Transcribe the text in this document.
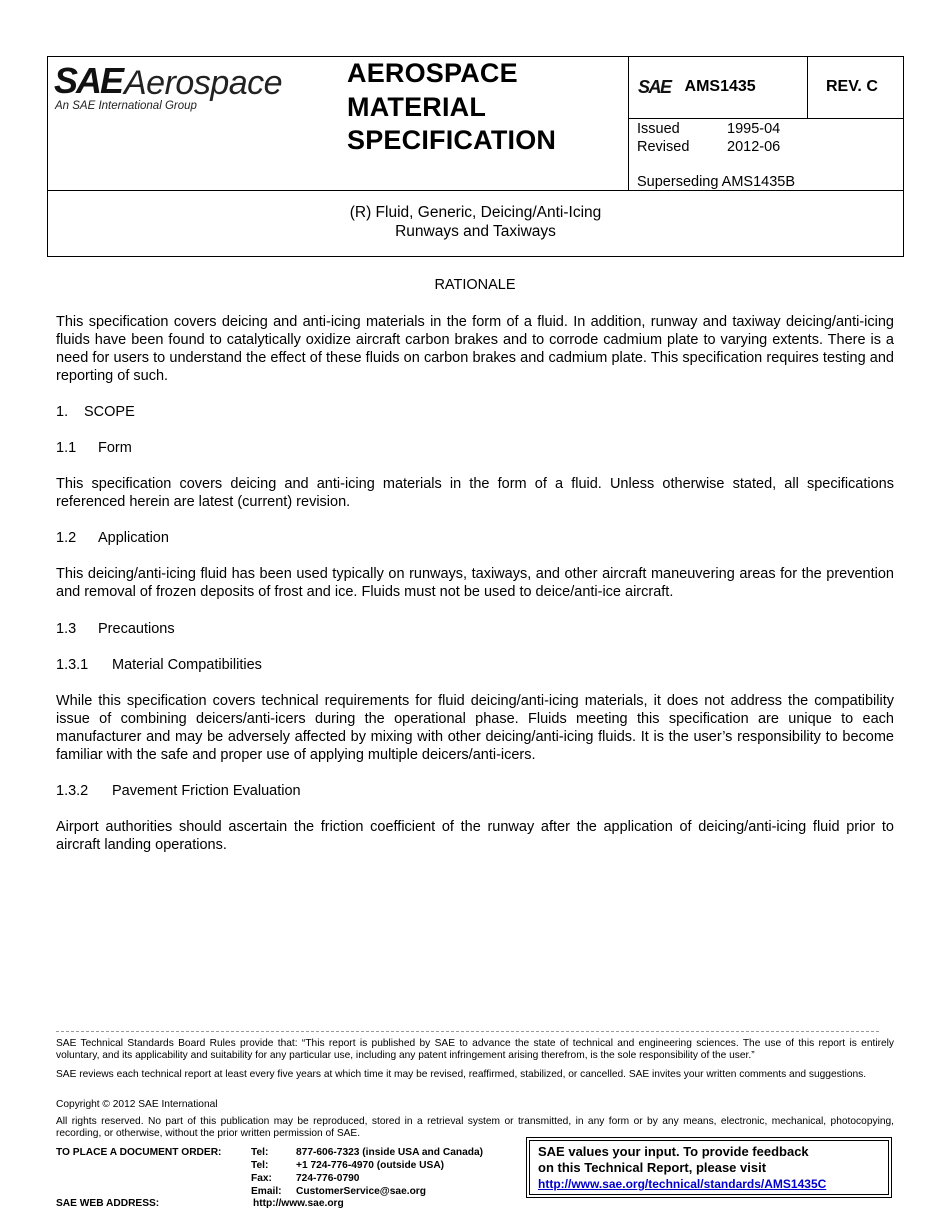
SAE Aerospace
An SAE International Group
AEROSPACE
MATERIAL
SPECIFICATION
SAE AMS1435	REV. C
Issued	1995-04
Revised	2012-06
Superseding AMS1435B
(R) Fluid, Generic, Deicing/Anti-Icing
Runways and Taxiways
RATIONALE

This specification covers deicing and anti-icing materials in the form of a fluid. In addition, runway and taxiway deicing/anti-icing fluids have been found to catalytically oxidize aircraft carbon brakes and to corrode cadmium plate to varying extents. There is a need for users to understand the effect of these fluids on carbon brakes and cadmium plate. This specification requires testing and reporting of such.

1. SCOPE
1.1 Form

This specification covers deicing and anti-icing materials in the form of a fluid. Unless otherwise stated, all specifications referenced herein are latest (current) revision.

1.2 Application

This deicing/anti-icing fluid has been used typically on runways, taxiways, and other aircraft maneuvering areas for the prevention and removal of frozen deposits of frost and ice. Fluids must not be used to deice/anti-ice aircraft.

1.3 Precautions
1.3.1 Material Compatibilities

While this specification covers technical requirements for fluid deicing/anti-icing materials, it does not address the compatibility issue of combining deicers/anti-icers during the operational phase. Fluids meeting this specification are unique to each manufacturer and may be adversely affected by mixing with other deicing/anti-icing fluids. It is the user’s responsibility to become familiar with the safe and proper use of applying multiple deicers/anti-icers.

1.3.2 Pavement Friction Evaluation

Airport authorities should ascertain the friction coefficient of the runway after the application of deicing/anti-icing fluid prior to aircraft landing operations.

SAE Technical Standards Board Rules provide that: “This report is published by SAE to advance the state of technical and engineering sciences. The use of this report is entirely voluntary, and its applicability and suitability for any particular use, including any patent infringement arising therefrom, is the sole responsibility of the user.”
SAE reviews each technical report at least every five years at which time it may be revised, reaffirmed, stabilized, or cancelled. SAE invites your written comments and suggestions.
Copyright © 2012 SAE International
All rights reserved. No part of this publication may be reproduced, stored in a retrieval system or transmitted, in any form or by any means, electronic, mechanical, photocopying, recording, or otherwise, without the prior written permission of SAE.
TO PLACE A DOCUMENT ORDER:	Tel:	877-606-7323 (inside USA and Canada)
Tel:	+1 724-776-4970 (outside USA)
Fax:	724-776-0790
Email:	CustomerService@sae.org
SAE WEB ADDRESS:	http://www.sae.org
SAE values your input. To provide feedback
on this Technical Report, please visit
http://www.sae.org/technical/standards/AMS1435C
